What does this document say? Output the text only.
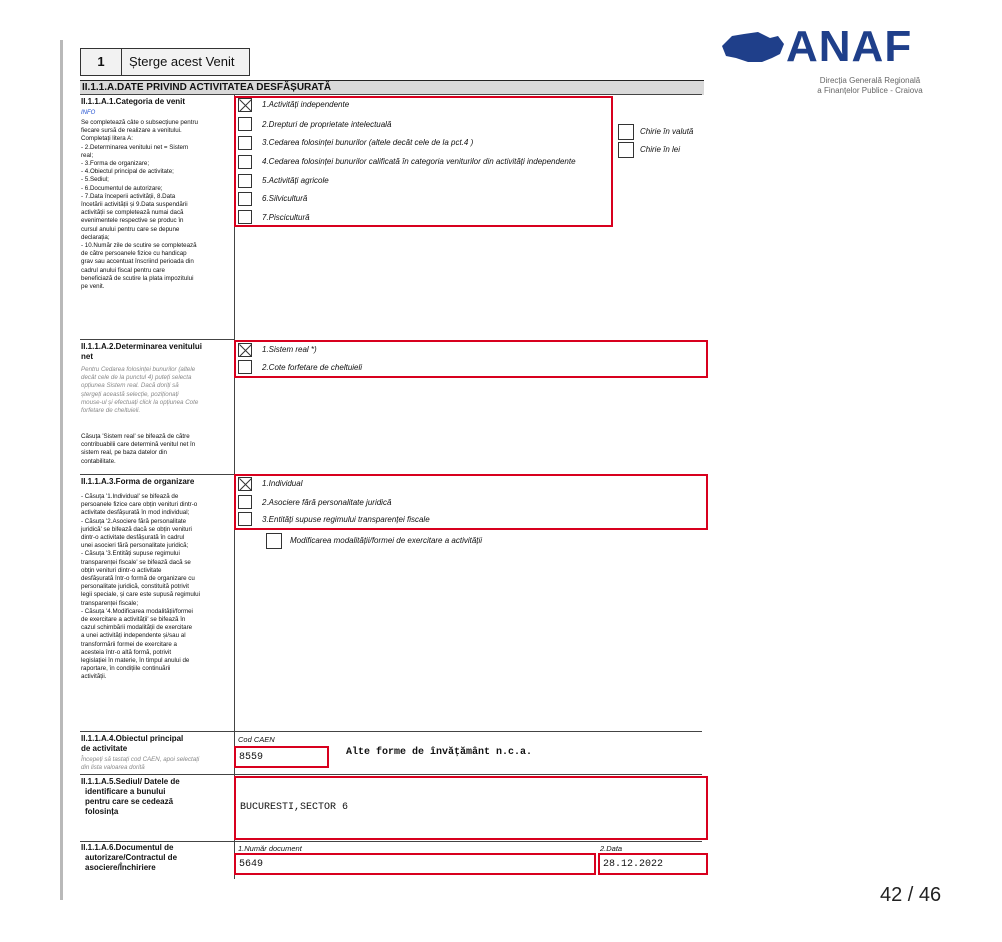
1	Șterge acest Venit	ANAF
Direcția Generală Regională
a Finanțelor Publice - Craiova
II.1.1.A.DATE PRIVIND ACTIVITATEA DESFĂȘURATĂ
II.1.1.A.1.Categoria de venit
INFO
Se completează câte o subsecțiune pentru
fiecare sursă de realizare a venitului.
Completați litera A:
- 2.Determinarea venitului net = Sistem
real;
- 3.Forma de organizare;
- 4.Obiectul principal de activitate;
- 5.Sediul;
- 6.Documentul de autorizare;
- 7.Data începerii activității, 8.Data
încetării activității și 9.Data suspendării
activității se completează numai dacă
evenimentele respective se produc în
cursul anului pentru care se depune
declarația;
- 10.Număr zile de scutire se completează
de către persoanele fizice cu handicap
grav sau accentuat înscriind perioada din
cadrul anului fiscal pentru care
beneficiază de scutire la plata impozitului
pe venit.
1.Activități independente
2.Drepturi de proprietate intelectuală
3.Cedarea folosinței bunurilor (altele decât cele de la pct.4 )
4.Cedarea folosinței bunurilor calificată în categoria veniturilor din activități independente
5.Activități agricole
6.Silvicultură
7.Piscicultură
Chirie în valută
Chirie în lei
II.1.1.A.2.Determinarea venitului
net
Pentru Cedarea folosinței bunurilor (altele
decât cele de la punctul 4) puteți selecta
opțiunea Sistem real. Dacă doriți să
ștergeți această selecție, poziționați
mouse-ul și efectuați click la opțiunea Cote
forfetare de cheltuieli.
Căsuța 'Sistem real' se bifează de către
contribuabilii care determină venitul net în
sistem real, pe baza datelor din
contabilitate.
1.Sistem real *)
2.Cote forfetare de cheltuieli
II.1.1.A.3.Forma de organizare
- Căsuța '1.Individual' se bifează de
persoanele fizice care obțin venituri dintr-o
activitate desfășurată în mod individual;
- Căsuța '2.Asociere fără personalitate
juridică' se bifează dacă se obțin venituri
dintr-o activitate desfășurată în cadrul
unei asocieri fără personalitate juridică;
- Căsuța '3.Entități supuse regimului
transparenței fiscale' se bifează dacă se
obțin venituri dintr-o activitate
desfășurată într-o formă de organizare cu
personalitate juridică, constituită potrivit
legii speciale, și care este supusă regimului
transparenței fiscale;
- Căsuța '4.Modificarea modalității/formei
de exercitare a activității' se bifează în
cazul schimbării modalității de exercitare
a unei activități independente și/sau al
transformării formei de exercitare a
acesteia într-o altă formă, potrivit
legislației în materie, în timpul anului de
raportare, în condițiile continuării
activității.
1.Individual
2.Asociere fără personalitate juridică
3.Entități supuse regimului transparenței fiscale
Modificarea modalității/formei de exercitare a activității
II.1.1.A.4.Obiectul principal
de activitate
Începeți să tastați cod CAEN, apoi selectați
din lista valoarea dorită
Cod CAEN
8559	Alte forme de învățământ n.c.a.
II.1.1.A.5.Sediul/ Datele de
identificare a bunului
pentru care se cedează
folosința	BUCURESTI,SECTOR 6
II.1.1.A.6.Documentul de
autorizare/Contractul de
asociere/Închiriere
1.Număr document	2.Data
5649	28.12.2022
42 / 46
